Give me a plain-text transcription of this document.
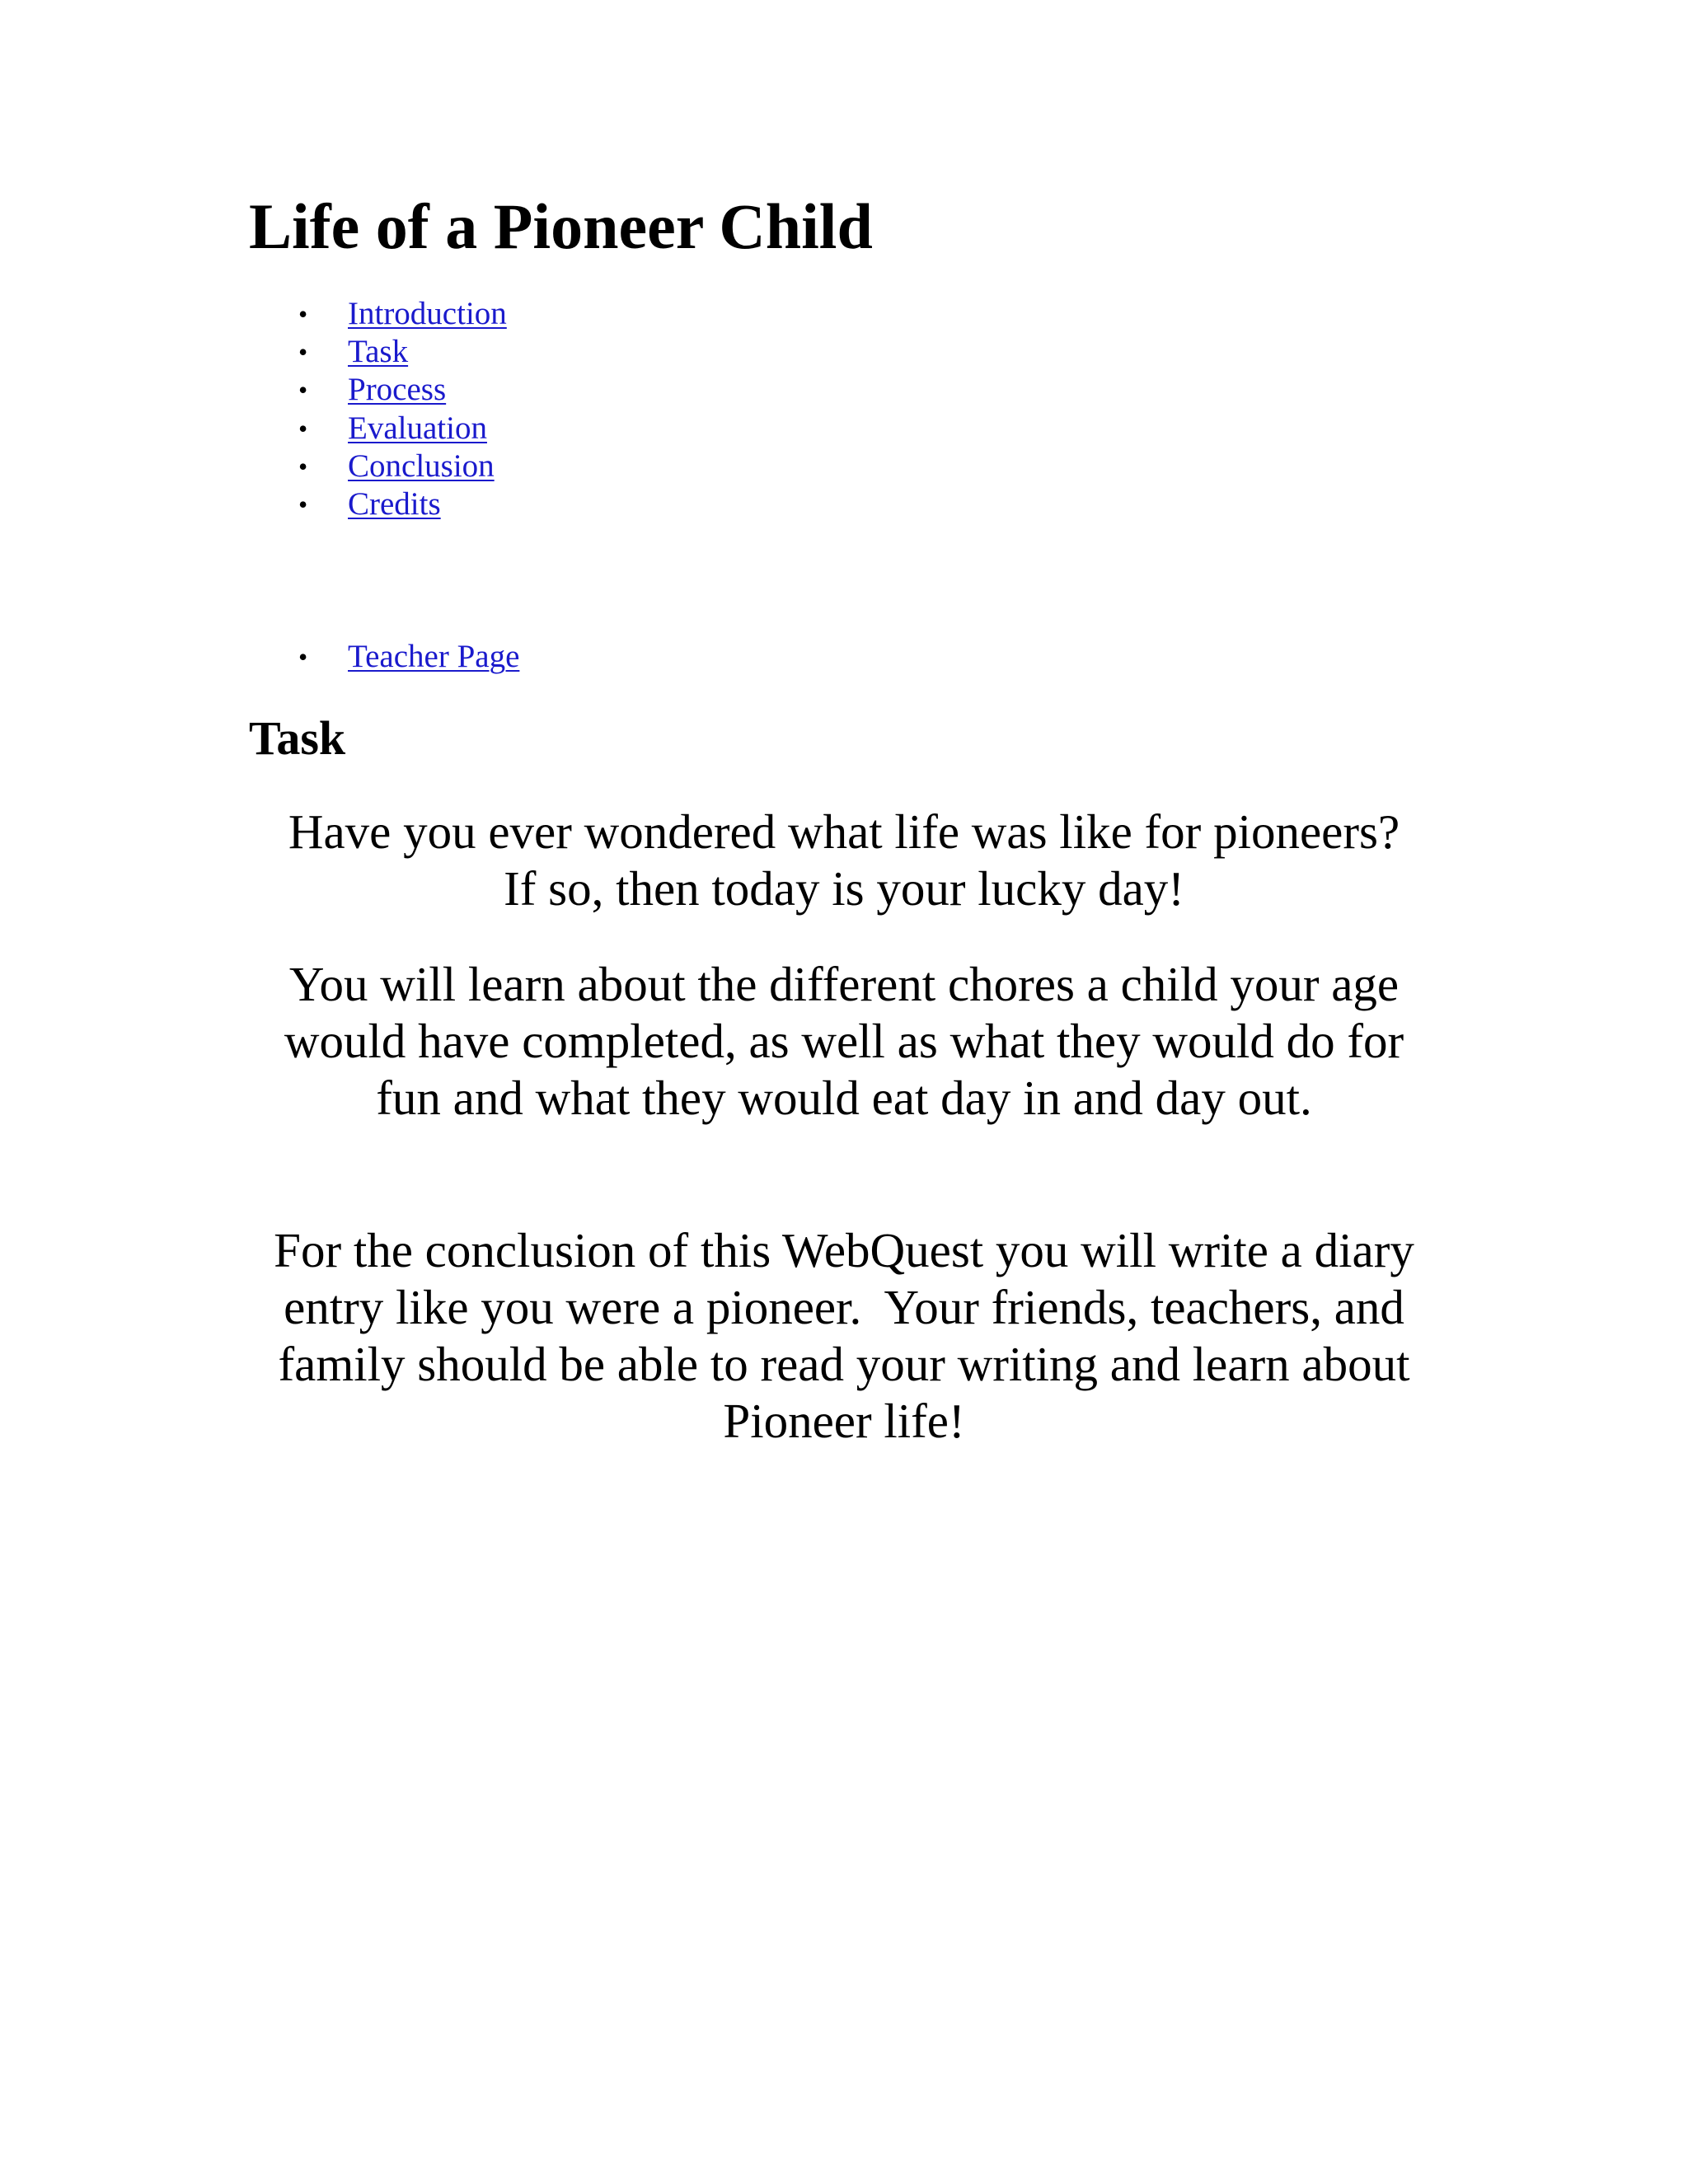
Life of a Pioneer Child
• Introduction
• Task
• Process
• Evaluation
• Conclusion
• Credits
• Teacher Page
Task

Have you ever wondered what life was like for pioneers?
If so, then today is your lucky day!

You will learn about the different chores a child your age
would have completed, as well as what they would do for
fun and what they would eat day in and day out.

For the conclusion of this WebQuest you will write a diary
entry like you were a pioneer.  Your friends, teachers, and
family should be able to read your writing and learn about
Pioneer life!
